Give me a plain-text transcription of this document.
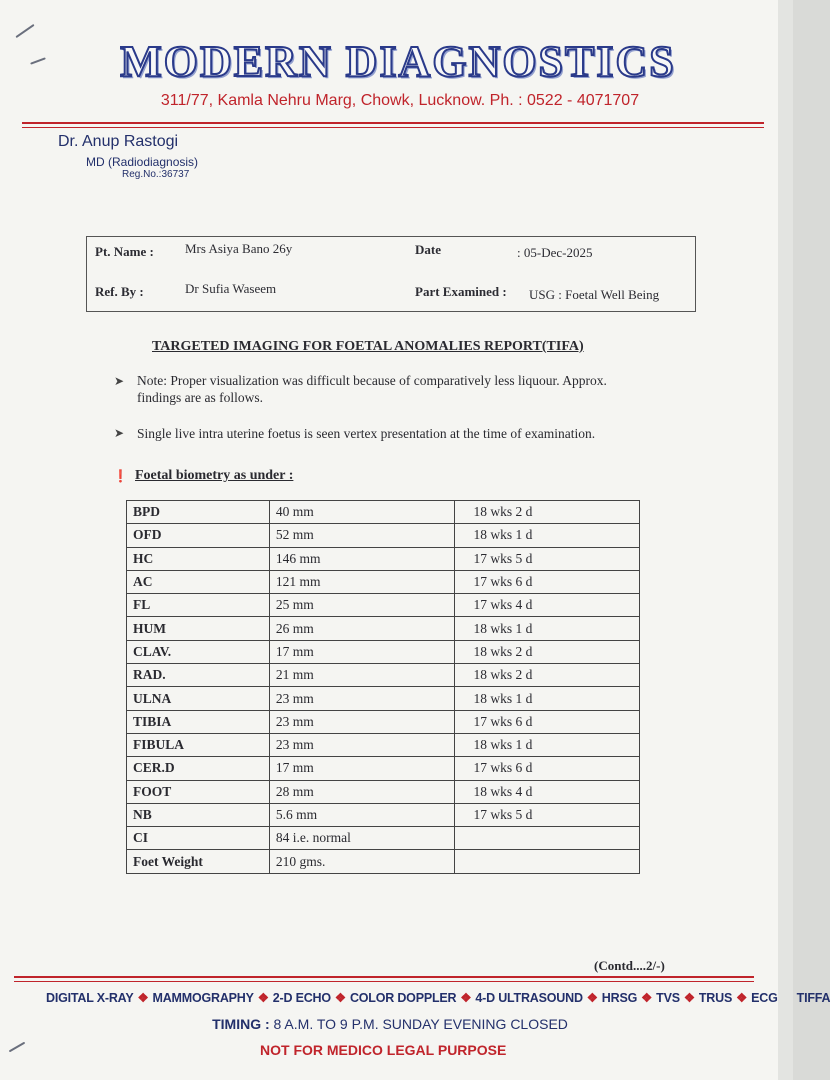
MODERN DIAGNOSTICS
311/77, Kamla Nehru Marg, Chowk, Lucknow. Ph. : 0522 - 4071707
Dr. Anup Rastogi
MD (Radiodiagnosis)
Reg.No.:36737
Pt. Name : Mrs Asiya Bano 26y	Date	: 05-Dec-2025
Ref. By :	Dr Sufia Waseem	Part Examined : USG : Foetal Well Being
TARGETED IMAGING FOR FOETAL ANOMALIES REPORT(TIFA)
➤ Note: Proper visualization was difficult because of comparatively less liquour. Approx.
findings are as follows.
➤ Single live intra uterine foetus is seen vertex presentation at the time of examination.
❗ Foetal biometry as under :
BPD	40 mm	18 wks 2 d
OFD	52 mm	18 wks 1 d
HC	146 mm	17 wks 5 d
AC	121 mm	17 wks 6 d
FL	25 mm	17 wks 4 d
HUM	26 mm	18 wks 1 d
CLAV.	17 mm	18 wks 2 d
RAD.	21 mm	18 wks 2 d
ULNA	23 mm	18 wks 1 d
TIBIA	23 mm	17 wks 6 d
FIBULA	23 mm	18 wks 1 d
CER.D	17 mm	17 wks 6 d
FOOT	28 mm	18 wks 4 d
NB	5.6 mm	17 wks 5 d
CI	84 i.e. normal	
Foet Weight	210 gms.	
(Contd....2/-)
DIGITAL X-RAY ❖ MAMMOGRAPHY ❖ 2-D ECHO ❖ COLOR DOPPLER ❖ 4-D ULTRASOUND ❖ HRSG ❖ TVS ❖ TRUS ❖ ECG TIFFA
TIMING : 8 A.M. TO 9 P.M. SUNDAY EVENING CLOSED
NOT FOR MEDICO LEGAL PURPOSE
